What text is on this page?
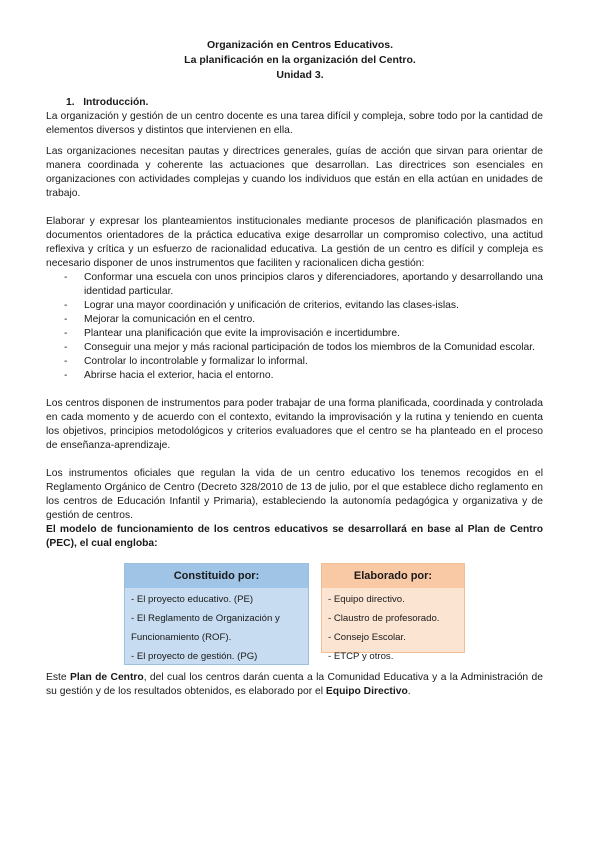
Organización en Centros Educativos.
La planificación en la organización del Centro.
Unidad 3.

1. Introducción.

La organización y gestión de un centro docente es una tarea difícil y compleja, sobre todo por la cantidad de elementos diversos y distintos que intervienen en ella.

Las organizaciones necesitan pautas y directrices generales, guías de acción que sirvan para orientar de manera coordinada y coherente las actuaciones que desarrollan. Las directrices son esenciales en organizaciones con actividades complejas y cuando los individuos que están en ella actúan en unidades de trabajo.

Elaborar y expresar los planteamientos institucionales mediante procesos de planificación plasmados en documentos orientadores de la práctica educativa exige desarrollar un compromiso colectivo, una actitud reflexiva y crítica y un esfuerzo de racionalidad educativa. La gestión de un centro es difícil y compleja es necesario disponer de unos instrumentos que faciliten y racionalicen dicha gestión:

- Conformar una escuela con unos principios claros y diferenciadores, aportando y desarrollando una identidad particular.
- Lograr una mayor coordinación y unificación de criterios, evitando las clases-islas.
- Mejorar la comunicación en el centro.
- Plantear una planificación que evite la improvisación e incertidumbre.
- Conseguir una mejor y más racional participación de todos los miembros de la Comunidad escolar.
- Controlar lo incontrolable y formalizar lo informal.
- Abrirse hacia el exterior, hacia el entorno.

Los centros disponen de instrumentos para poder trabajar de una forma planificada, coordinada y controlada en cada momento y de acuerdo con el contexto, evitando la improvisación y la rutina y teniendo en cuenta los objetivos, principios metodológicos y criterios evaluadores que el centro se ha planteado en el proceso de enseñanza-aprendizaje.

Los instrumentos oficiales que regulan la vida de un centro educativo los tenemos recogidos en el Reglamento Orgánico de Centro (Decreto 328/2010 de 13 de julio, por el que establece dicho reglamento en los centros de Educación Infantil y Primaria), estableciendo la autonomía pedagógica y organizativa y de gestión de centros.

El modelo de funcionamiento de los centros educativos se desarrollará en base al Plan de Centro (PEC), el cual engloba:

Constituido por:
- El proyecto educativo. (PE)
- El Reglamento de Organización y Funcionamiento (ROF).
- El proyecto de gestión. (PG)
Elaborado por:
- Equipo directivo.
- Claustro de profesorado.
- Consejo Escolar.
- ETCP y otros.

Este Plan de Centro, del cual los centros darán cuenta a la Comunidad Educativa y a la Administración de su gestión y de los resultados obtenidos, es elaborado por el Equipo Directivo.
